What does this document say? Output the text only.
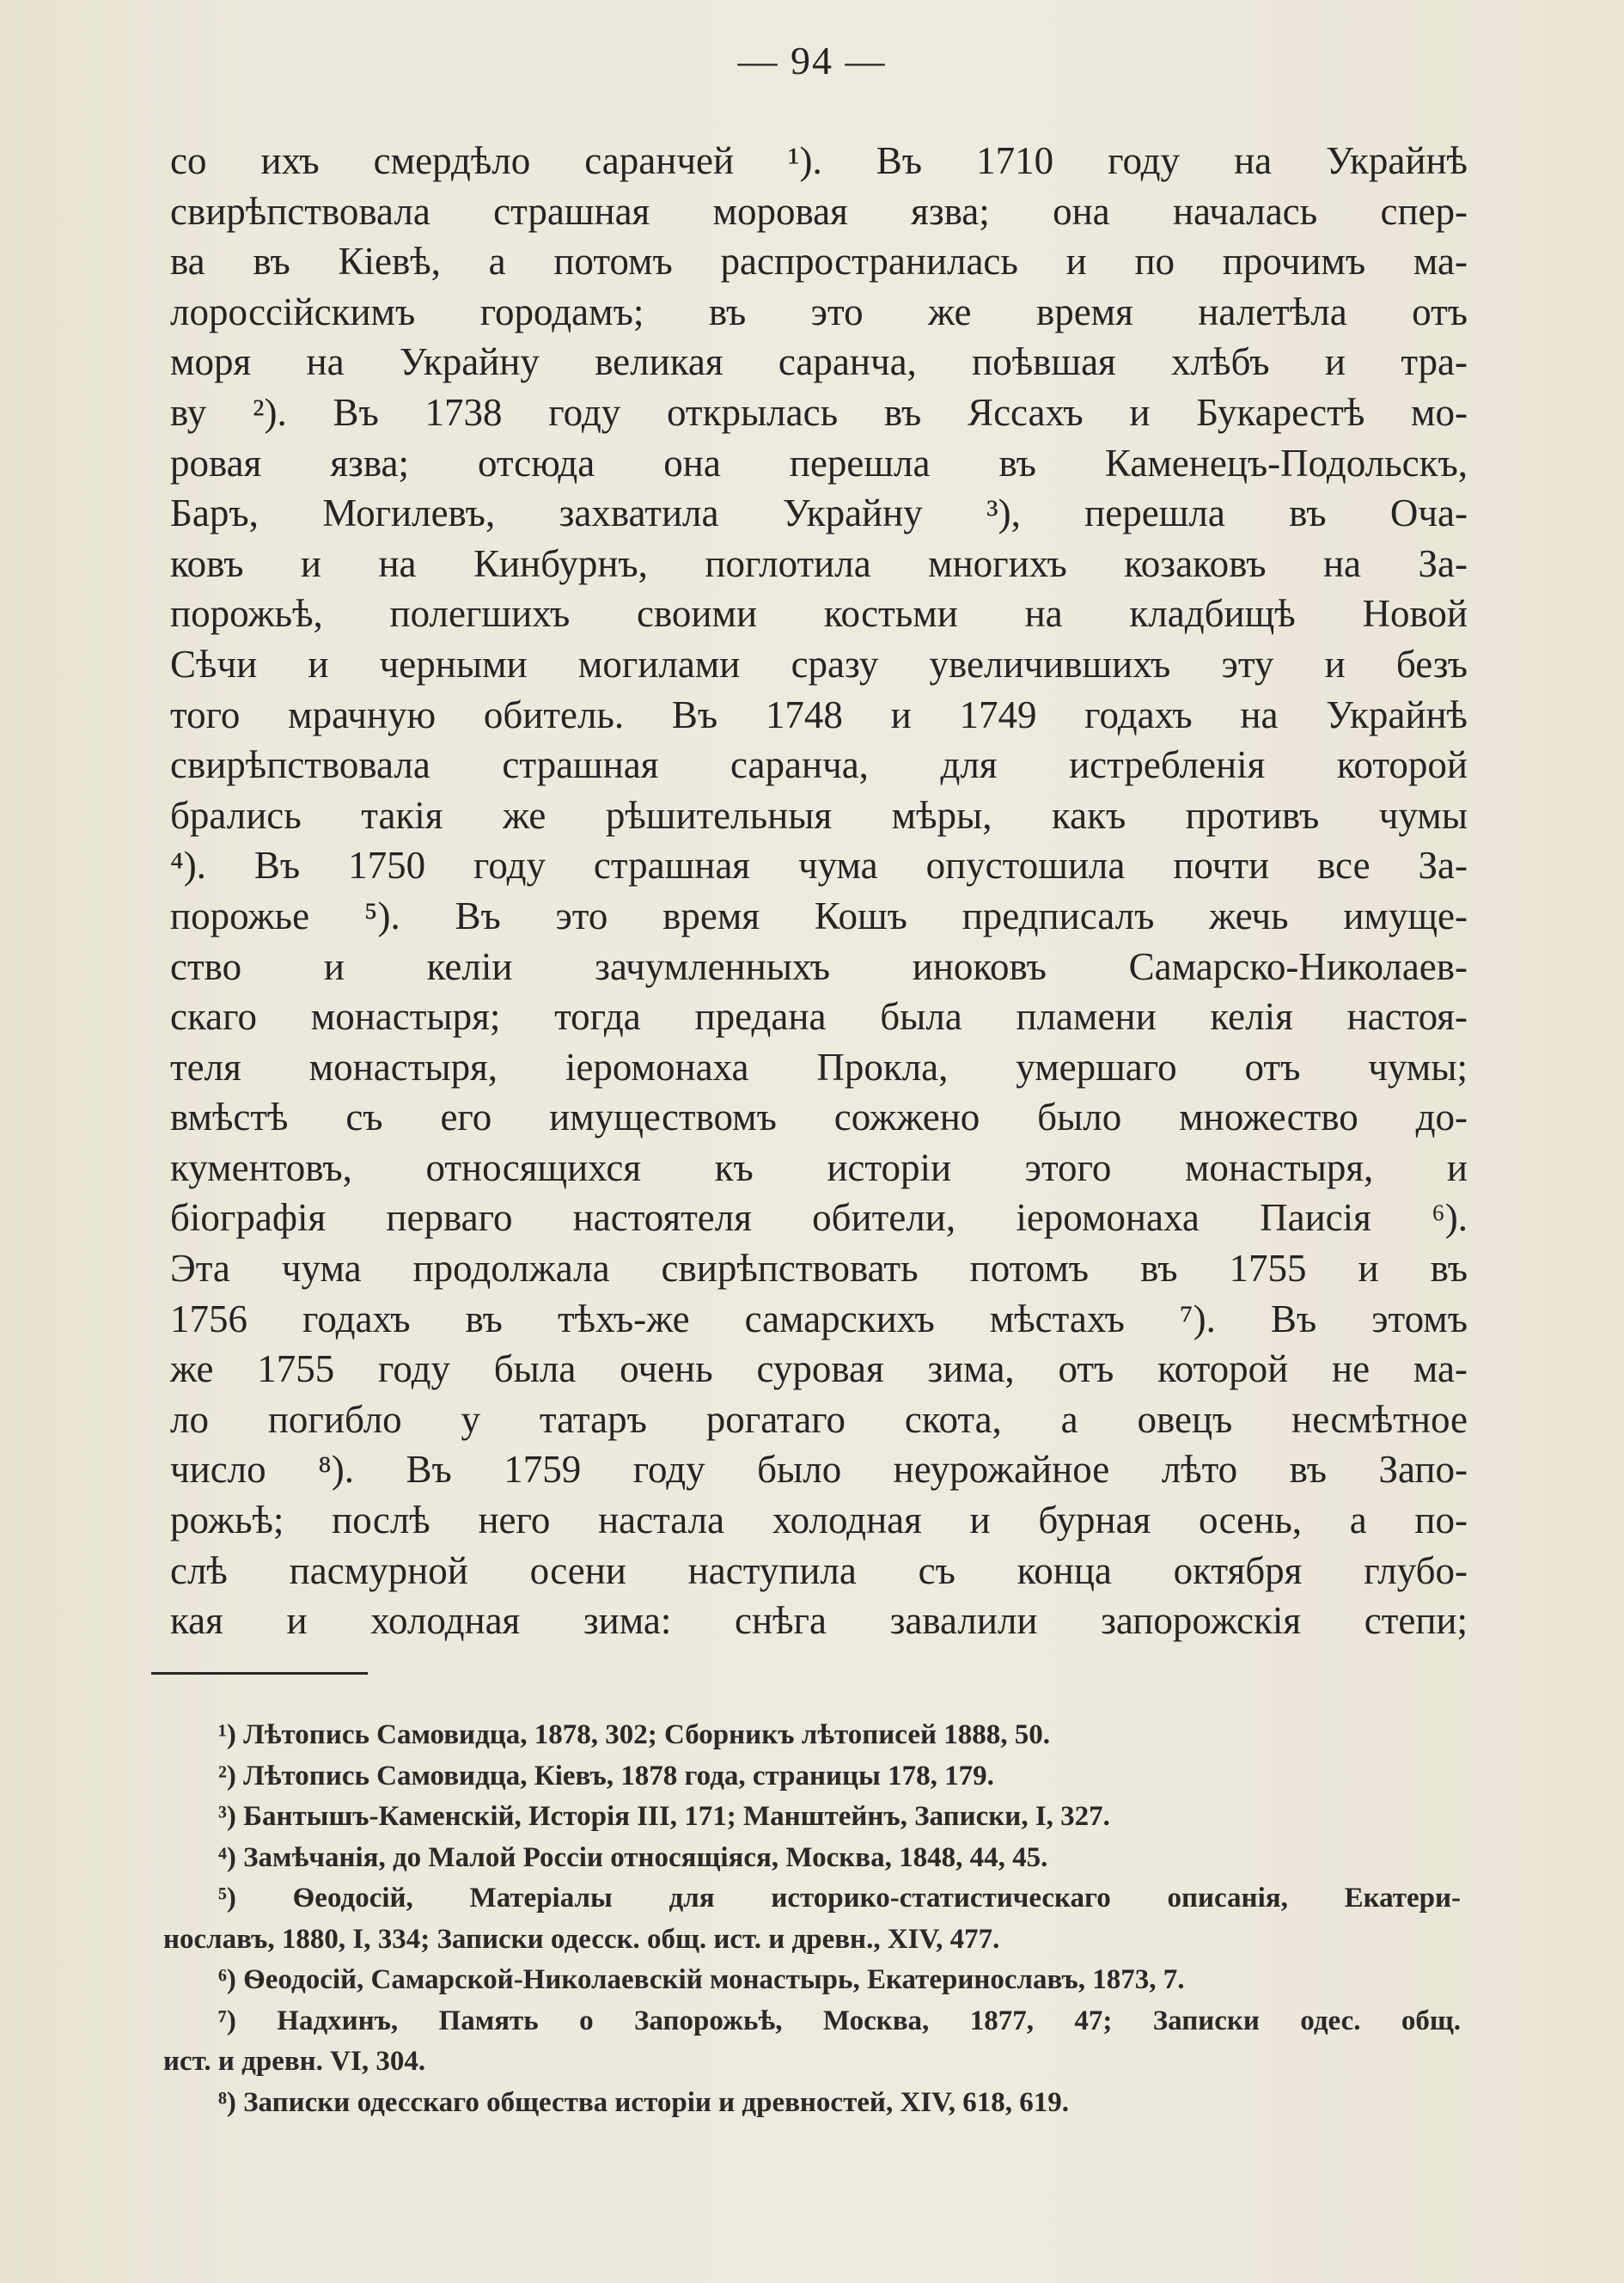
— 94 —
со ихъ смердѣло саранчей ¹). Въ 1710 году на Украйнѣ
свирѣпствовала страшная моровая язва; она началась спер-
ва въ Кіевѣ, а потомъ распространилась и по прочимъ ма-
лороссійскимъ городамъ; въ это же время налетѣла отъ
моря на Украйну великая саранча, поѣвшая хлѣбъ и тра-
ву ²). Въ 1738 году открылась въ Яссахъ и Букарестѣ мо-
ровая язва; отсюда она перешла въ Каменецъ-Подольскъ,
Баръ, Могилевъ, захватила Украйну ³), перешла въ Оча-
ковъ и на Кинбурнъ, поглотила многихъ козаковъ на За-
порожьѣ, полегшихъ своими костьми на кладбищѣ Новой
Сѣчи и черными могилами сразу увеличившихъ эту и безъ
того мрачную обитель. Въ 1748 и 1749 годахъ на Украйнѣ
свирѣпствовала страшная саранча, для истребленія которой
брались такія же рѣшительныя мѣры, какъ противъ чумы
⁴). Въ 1750 году страшная чума опустошила почти все За-
порожье ⁵). Въ это время Кошъ предписалъ жечь имуще-
ство и келіи зачумленныхъ иноковъ Самарско-Николаев-
скаго монастыря; тогда предана была пламени келія настоя-
теля монастыря, іеромонаха Прокла, умершаго отъ чумы;
вмѣстѣ съ его имуществомъ сожжено было множество до-
кументовъ, относящихся къ исторіи этого монастыря, и
біографія перваго настоятеля обители, іеромонаха Паисія ⁶).
Эта чума продолжала свирѣпствовать потомъ въ 1755 и въ
1756 годахъ въ тѣхъ-же самарскихъ мѣстахъ ⁷). Въ этомъ
же 1755 году была очень суровая зима, отъ которой не ма-
ло погибло у татаръ рогатаго скота, а овецъ несмѣтное
число ⁸). Въ 1759 году было неурожайное лѣто въ Запо-
рожьѣ; послѣ него настала холодная и бурная осень, а по-
слѣ пасмурной осени наступила съ конца октября глубо-
кая и холодная зима: снѣга завалили запорожскія степи;
¹) Лѣтопись Самовидца, 1878, 302; Сборникъ лѣтописей 1888, 50.
²) Лѣтопись Самовидца, Кіевъ, 1878 года, страницы 178, 179.
³) Бантышъ-Каменскій, Исторія III, 171; Манштейнъ, Записки, I, 327.
⁴) Замѣчанія, до Малой Россіи относящіяся, Москва, 1848, 44, 45.
⁵) Ѳеодосій, Матеріалы для историко-статистическаго описанія, Екатери-
нославъ, 1880, I, 334; Записки одесск. общ. ист. и древн., XIV, 477.
⁶) Ѳеодосій, Самарской-Николаевскій монастырь, Екатеринославъ, 1873, 7.
⁷) Надхинъ, Память о Запорожьѣ, Москва, 1877, 47; Записки одес. общ.
ист. и древн. VI, 304.
⁸) Записки одесскаго общества исторіи и древностей, XIV, 618, 619.
